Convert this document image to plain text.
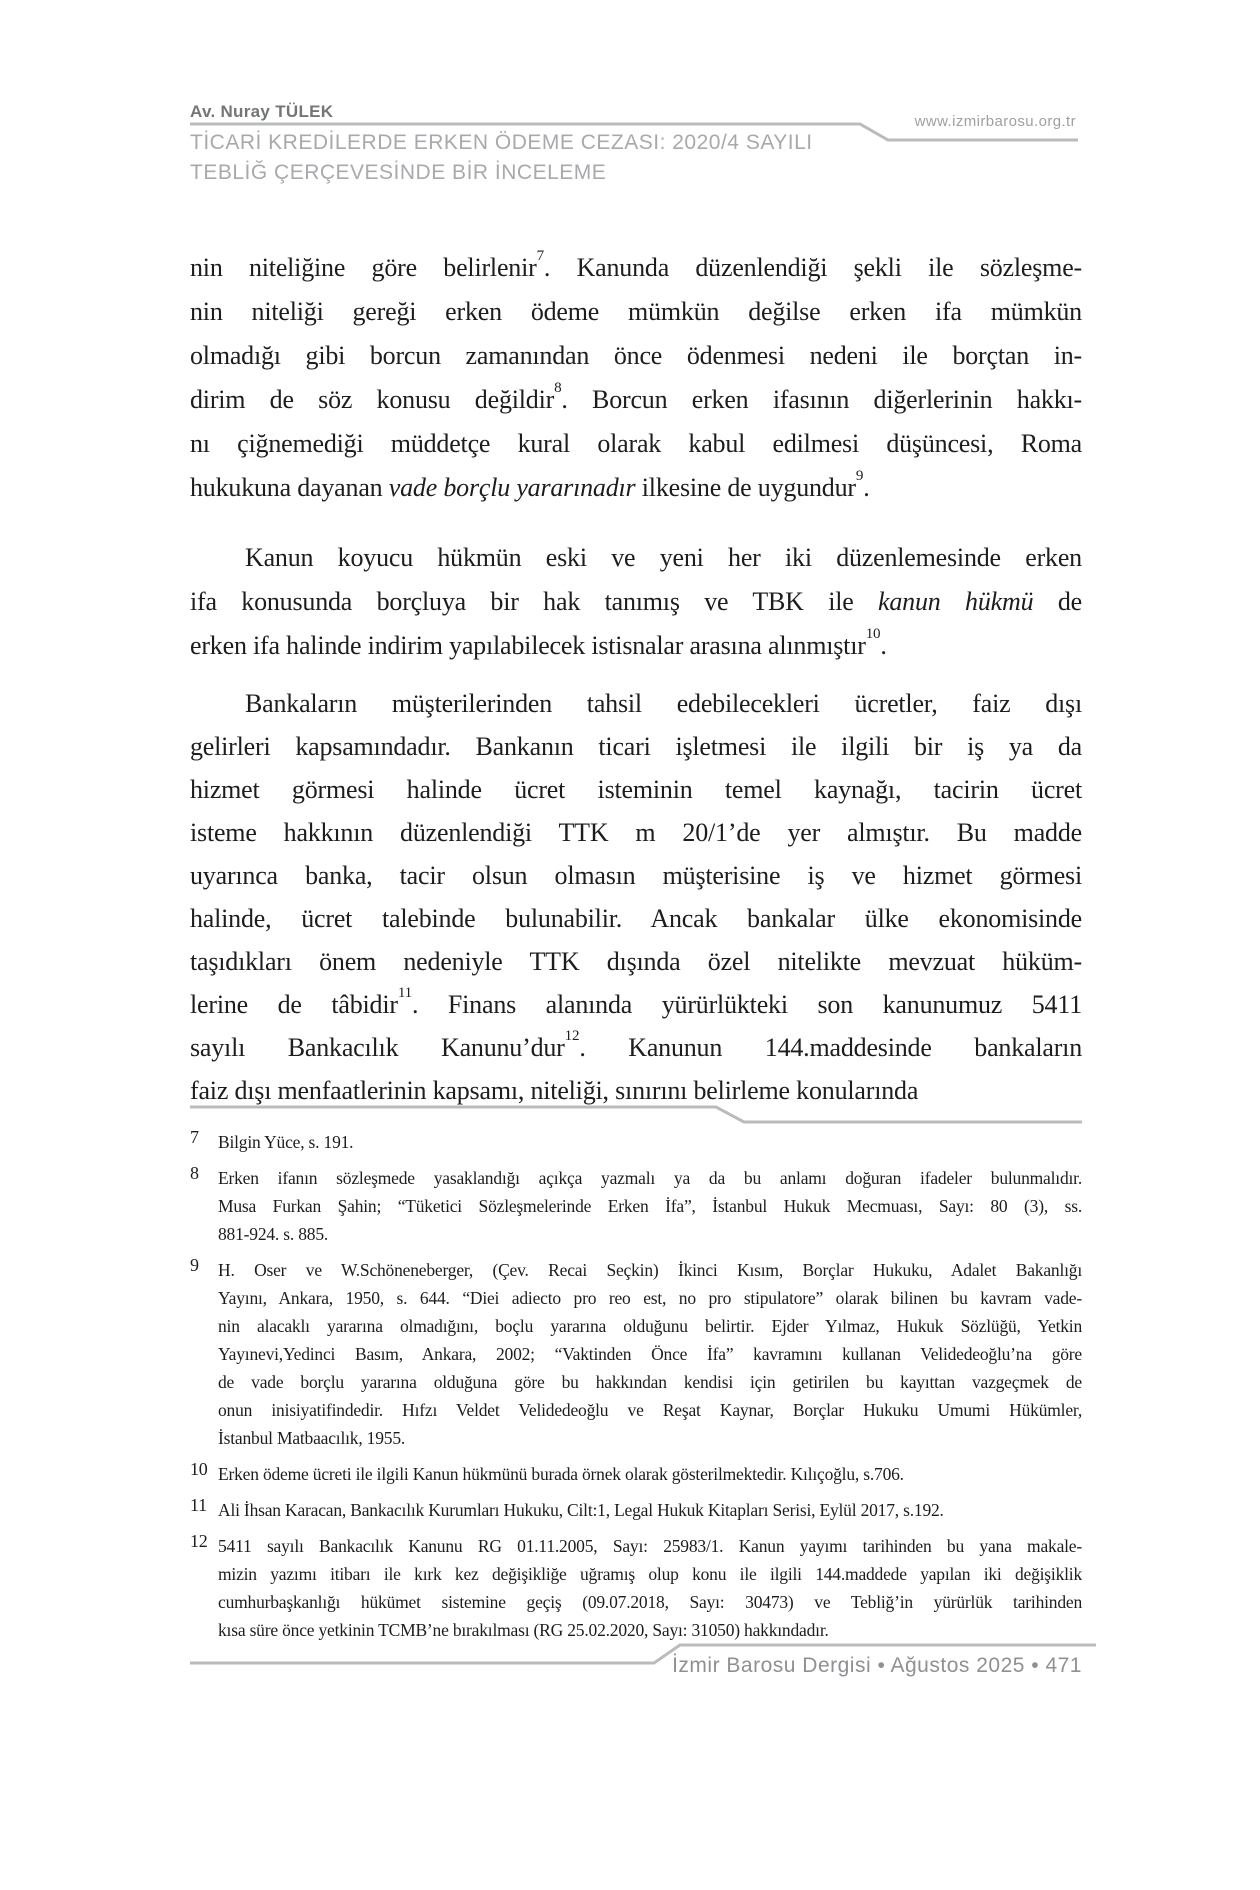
Av. Nuray TÜLEK
www.izmirbarosu.org.tr
TİCARİ KREDİLERDE ERKEN ÖDEME CEZASI: 2020/4 SAYILI
TEBLİĞ ÇERÇEVESİNDE BİR İNCELEME
nin niteliğine göre belirlenir$^7$. Kanunda düzenlendiği şekli ile sözleşme-
nin niteliği gereği erken ödeme mümkün değilse erken ifa mümkün
olmadığı gibi borcun zamanından önce ödenmesi nedeni ile borçtan in-
dirim de söz konusu değildir$^8$. Borcun erken ifasının diğerlerinin hakkı-
nı çiğnemediği müddetçe kural olarak kabul edilmesi düşüncesi, Roma
hukukuna dayanan vade borçlu yararınadır ilkesine de uygundur$^9$.
Kanun koyucu hükmün eski ve yeni her iki düzenlemesinde erken
ifa konusunda borçluya bir hak tanımış ve TBK ile kanun hükmü de
erken ifa halinde indirim yapılabilecek istisnalar arasına alınmıştır$^{10}$.
Bankaların müşterilerinden tahsil edebilecekleri ücretler, faiz dışı
gelirleri kapsamındadır. Bankanın ticari işletmesi ile ilgili bir iş ya da
hizmet görmesi halinde ücret isteminin temel kaynağı, tacirin ücret
isteme hakkının düzenlendiği TTK m 20/1’de yer almıştır. Bu madde
uyarınca banka, tacir olsun olmasın müşterisine iş ve hizmet görmesi
halinde, ücret talebinde bulunabilir. Ancak bankalar ülke ekonomisinde
taşıdıkları önem nedeniyle TTK dışında özel nitelikte mevzuat hüküm-
lerine de tâbidir$^{11}$. Finans alanında yürürlükteki son kanunumuz 5411
sayılı Bankacılık Kanunu’dur$^{12}$. Kanunun 144.maddesinde bankaların
faiz dışı menfaatlerinin kapsamı, niteliği, sınırını belirleme konularında
7 Bilgin Yüce, s. 191.
8 Erken ifanın sözleşmede yasaklandığı açıkça yazmalı ya da bu anlamı doğuran ifadeler bulunmalıdır.
Musa Furkan Şahin; “Tüketici Sözleşmelerinde Erken İfa”, İstanbul Hukuk Mecmuası, Sayı: 80 (3), ss.
881-924. s. 885.
9 H. Oser ve W.Schöneneberger, (Çev. Recai Seçkin) İkinci Kısım, Borçlar Hukuku, Adalet Bakanlığı
Yayını, Ankara, 1950, s. 644. “Diei adiecto pro reo est, no pro stipulatore” olarak bilinen bu kavram vade-
nin alacaklı yararına olmadığını, boçlu yararına olduğunu belirtir. Ejder Yılmaz, Hukuk Sözlüğü, Yetkin
Yayınevi,Yedinci Basım, Ankara, 2002; “Vaktinden Önce İfa” kavramını kullanan Velidedeoğlu’na göre
de vade borçlu yararına olduğuna göre bu hakkından kendisi için getirilen bu kayıttan vazgeçmek de
onun inisiyatifindedir. Hıfzı Veldet Velidedeoğlu ve Reşat Kaynar, Borçlar Hukuku Umumi Hükümler,
İstanbul Matbaacılık, 1955.
10 Erken ödeme ücreti ile ilgili Kanun hükmünü burada örnek olarak gösterilmektedir. Kılıçoğlu, s.706.
11 Ali İhsan Karacan, Bankacılık Kurumları Hukuku, Cilt:1, Legal Hukuk Kitapları Serisi, Eylül 2017, s.192.
12 5411 sayılı Bankacılık Kanunu RG 01.11.2005, Sayı: 25983/1. Kanun yayımı tarihinden bu yana makale-
mizin yazımı itibarı ile kırk kez değişikliğe uğramış olup konu ile ilgili 144.maddede yapılan iki değişiklik
cumhurbaşkanlığı hükümet sistemine geçiş (09.07.2018, Sayı: 30473) ve Tebliğ’in yürürlük tarihinden
kısa süre önce yetkinin TCMB’ne bırakılması (RG 25.02.2020, Sayı: 31050) hakkındadır.
İzmir Barosu Dergisi • Ağustos 2025 • 471
